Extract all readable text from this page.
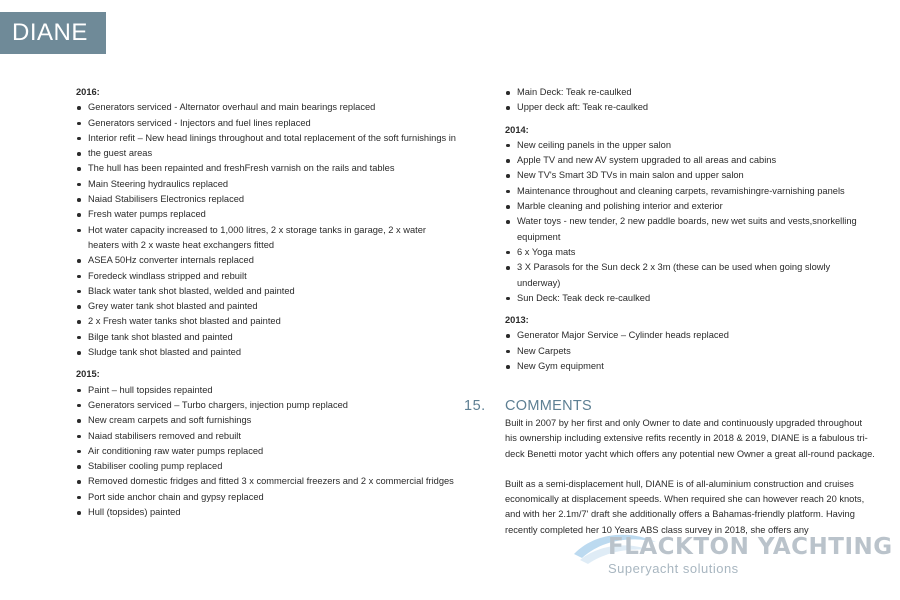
DIANE

2016:

Generators serviced - Alternator overhaul and main bearings replaced
Generators serviced - Injectors and fuel lines replaced
Interior refit – New head linings throughout and total replacement of the soft furnishings in
the guest areas
The hull has been repainted and freshFresh varnish on the rails and tables
Main Steering hydraulics replaced
Naiad Stabilisers Electronics replaced
Fresh water pumps replaced
Hot water capacity increased to 1,000 litres, 2 x storage tanks in garage, 2 x water heaters with 2 x waste heat exchangers fitted
ASEA 50Hz converter internals replaced
Foredeck windlass stripped and rebuilt
Black water tank shot blasted, welded and painted
Grey water tank shot blasted and painted
2 x Fresh water tanks shot blasted and painted
Bilge tank shot blasted and painted
Sludge tank shot blasted and painted

2015:

Paint – hull topsides repainted
Generators serviced – Turbo chargers, injection pump replaced
New cream carpets and soft furnishings
Naiad stabilisers removed and rebuilt
Air conditioning raw water pumps replaced
Stabiliser cooling pump replaced
Removed domestic fridges and fitted 3 x commercial freezers and 2 x commercial fridges
Port side anchor chain and gypsy replaced
Hull (topsides) painted
Main Deck: Teak re-caulked
Upper deck aft: Teak re-caulked

2014:

New ceiling panels in the upper salon
Apple TV and new AV system upgraded to all areas and cabins
New TV's Smart 3D TVs in main salon and upper salon
Maintenance throughout and cleaning carpets, revamishingre-varnishing panels
Marble cleaning and polishing interior and exterior
Water toys - new tender, 2 new paddle boards, new wet suits and vests,snorkelling equipment
6 x Yoga mats
3 X Parasols for the Sun deck 2 x 3m (these can be used when going slowly underway)
Sun Deck: Teak deck re-caulked

2013:

Generator Major Service – Cylinder heads replaced
New Carpets
New Gym equipment
15. COMMENTS

Built in 2007 by her first and only Owner to date and continuously upgraded throughout his ownership including extensive refits recently in 2018 & 2019, DIANE is a fabulous tri-deck Benetti motor yacht which offers any potential new Owner a great all-round package.

Built as a semi-displacement hull, DIANE is of all-aluminium construction and cruises economically at displacement speeds. When required she can however reach 20 knots, and with her 2.1m/7' draft she additionally offers a Bahamas-friendly platform. Having recently completed her 10 Years ABS class survey in 2018, she offers any

FLACKTON YACHTING
Superyacht solutions
